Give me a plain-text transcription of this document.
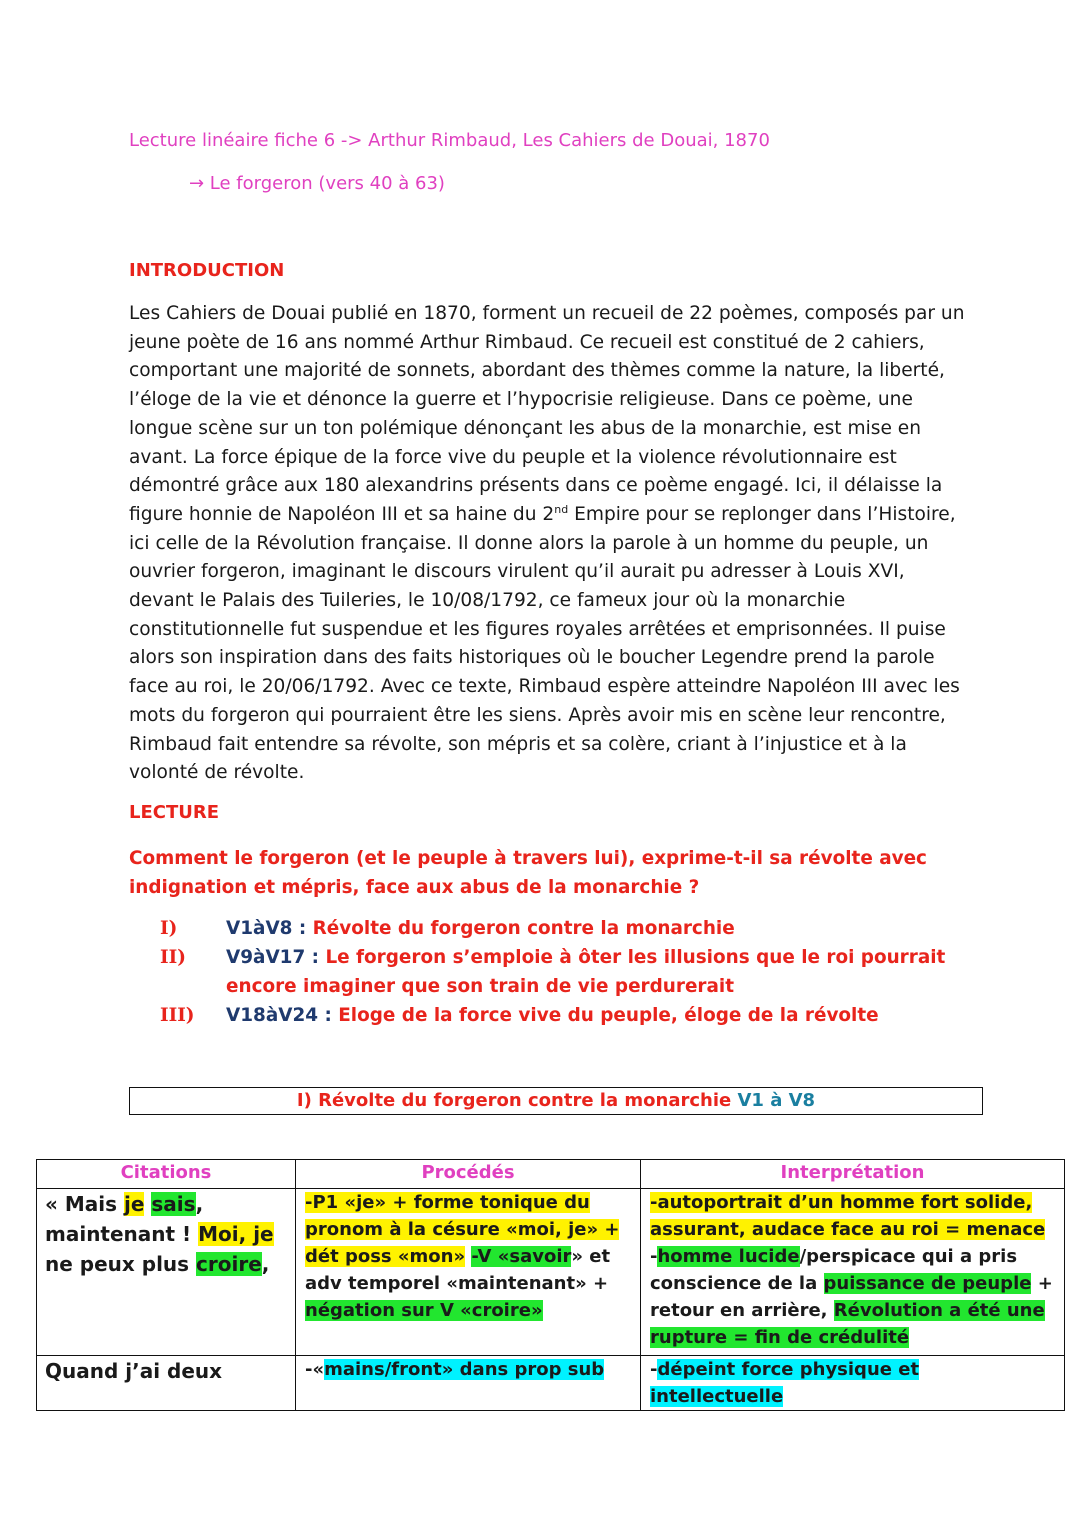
Lecture linéaire fiche 6 -> Arthur Rimbaud, Les Cahiers de Douai, 1870
→ Le forgeron (vers 40 à 63)
INTRODUCTION
Les Cahiers de Douai publié en 1870, forment un recueil de 22 poèmes, composés par un jeune poète de 16 ans nommé Arthur Rimbaud. Ce recueil est constitué de 2 cahiers, comportant une majorité de sonnets, abordant des thèmes comme la nature, la liberté, l’éloge de la vie et dénonce la guerre et l’hypocrisie religieuse. Dans ce poème, une longue scène sur un ton polémique dénonçant les abus de la monarchie, est mise en avant. La force épique de la force vive du peuple et la violence révolutionnaire est démontré grâce aux 180 alexandrins présents dans ce poème engagé. Ici, il délaisse la figure honnie de Napoléon III et sa haine du 2nd Empire pour se replonger dans l’Histoire, ici celle de la Révolution française. Il donne alors la parole à un homme du peuple, un ouvrier forgeron, imaginant le discours virulent qu’il aurait pu adresser à Louis XVI, devant le Palais des Tuileries, le 10/08/1792, ce fameux jour où la monarchie constitutionnelle fut suspendue et les figures royales arrêtées et emprisonnées. Il puise alors son inspiration dans des faits historiques où le boucher Legendre prend la parole face au roi, le 20/06/1792. Avec ce texte, Rimbaud espère atteindre Napoléon III avec les mots du forgeron qui pourraient être les siens. Après avoir mis en scène leur rencontre, Rimbaud fait entendre sa révolte, son mépris et sa colère, criant à l’injustice et à la volonté de révolte.
LECTURE
Comment le forgeron (et le peuple à travers lui), exprime-t-il sa révolte avec indignation et mépris, face aux abus de la monarchie ?
I)	V1àV8 : Révolte du forgeron contre la monarchie
II)	V9àV17 : Le forgeron s’emploie à ôter les illusions que le roi pourrait encore imaginer que son train de vie perdurerait
III)	V18àV24 : Eloge de la force vive du peuple, éloge de la révolte
I) Révolte du forgeron contre la monarchie V1 à V8
Citations	Procédés	Interprétation
« Mais je sais, maintenant ! Moi, je ne peux plus croire,	-P1 «je» + forme tonique du pronom à la césure «moi, je» + dét poss «mon» -V «savoir» et adv temporel «maintenant» + négation sur V «croire»	-autoportrait d’un homme fort solide, assurant, audace face au roi = menace -homme lucide/perspicace qui a pris conscience de la puissance de peuple + retour en arrière, Révolution a été une rupture = fin de crédulité
Quand j’ai deux	-«mains/front» dans prop sub	-dépeint force physique et intellectuelle
